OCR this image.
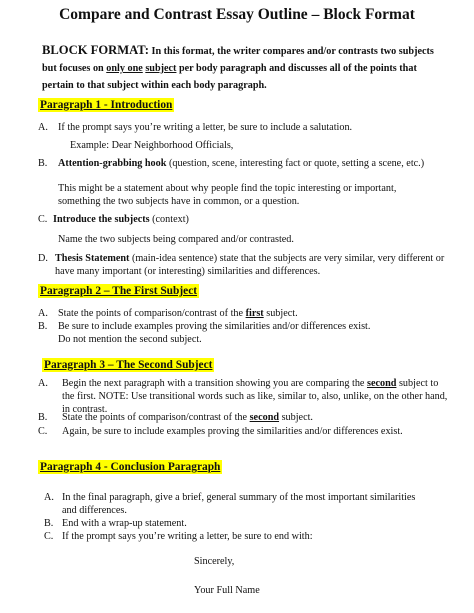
Compare and Contrast Essay Outline – Block Format
BLOCK FORMAT: In this format, the writer compares and/or contrasts two subjects but focuses on only one subject per body paragraph and discusses all of the points that pertain to that subject within each body paragraph.
Paragraph 1 - Introduction
A. If the prompt says you’re writing a letter, be sure to include a salutation.
Example: Dear Neighborhood Officials,
B. Attention-grabbing hook (question, scene, interesting fact or quote, setting a scene, etc.)
This might be a statement about why people find the topic interesting or important,
something the two subjects have in common, or a question.
C. Introduce the subjects (context)
Name the two subjects being compared and/or contrasted.
D. Thesis Statement (main-idea sentence) state that the subjects are very similar, very different or
have many important (or interesting) similarities and differences.
Paragraph 2 – The First Subject
A. State the points of comparison/contrast of the first subject.
B. Be sure to include examples proving the similarities and/or differences exist.
Do not mention the second subject.
Paragraph 3 – The Second Subject
A. Begin the next paragraph with a transition showing you are comparing the second subject to
the first. NOTE: Use transitional words such as like, similar to, also, unlike, on the other hand,
in contrast.
B. State the points of comparison/contrast of the second subject.
C. Again, be sure to include examples proving the similarities and/or differences exist.
Paragraph 4 - Conclusion Paragraph
A. In the final paragraph, give a brief, general summary of the most important similarities
and differences.
B. End with a wrap-up statement.
C. If the prompt says you’re writing a letter, be sure to end with:
Sincerely,
Your Full Name
